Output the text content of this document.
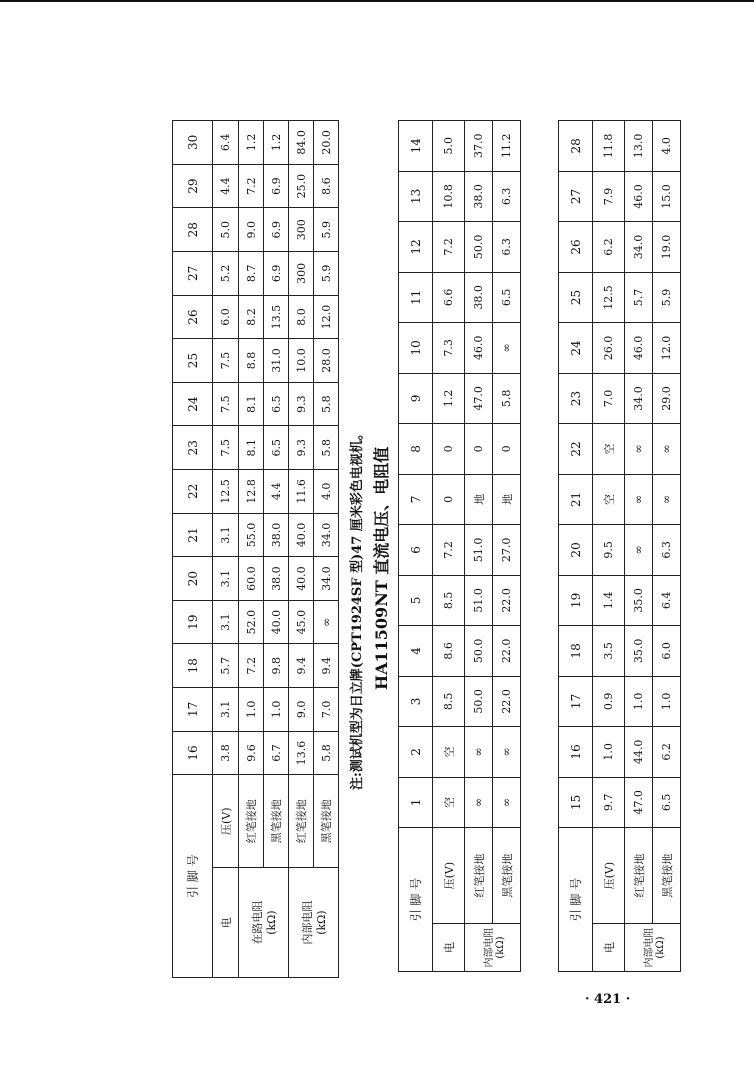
引 脚 号		16	17	18	19	20	21	22	23	24	25	26	27	28	29	30
电	压(V)	3.8	3.1	5.7	3.1	3.1	3.1	12.5	7.5	7.5	7.5	6.0	5.2	5.0	4.4	6.4
在路电阻
(kΩ)	红笔接地	9.6	1.0	7.2	52.0	60.0	55.0	12.8	8.1	8.1	8.8	8.2	8.7	9.0	7.2	1.2
	黑笔接地	6.7	1.0	9.8	40.0	38.0	38.0	4.4	6.5	6.5	31.0	13.5	6.9	6.9	6.9	1.2
内部电阻
(kΩ)	红笔接地	13.6	9.0	9.4	45.0	40.0	40.0	11.6	9.3	9.3	10.0	8.0	300	300	25.0	84.0
	黑笔接地	5.8	7.0	9.4	∞	34.0	34.0	4.0	5.8	5.8	28.0	12.0	5.9	5.9	8.6	20.0
注:测试机型为日立牌(CPT1924SF 型)47 厘米彩色电视机。 HA11509NT 直流电压、电阻值
引 脚 号		1	2	3	4	5	6	7	8	9	10	11	12	13	14
电	压(V)	空	空	8.5	8.6	8.5	7.2	0	0	1.2	7.3	6.6	7.2	10.8	5.0
内部电阻
(kΩ)	红笔接地	∞	∞	50.0	50.0	51.0	51.0	地	0	47.0	46.0	38.0	50.0	38.0	37.0
	黑笔接地	∞	∞	22.0	22.0	22.0	27.0	地	0	5.8	∞	6.5	6.3	6.3	11.2
引 脚 号		15	16	17	18	19	20	21	22	23	24	25	26	27	28
电	压(V)	9.7	1.0	0.9	3.5	1.4	9.5	空	空	7.0	26.0	12.5	6.2	7.9	11.8
内部电阻
(kΩ)	红笔接地	47.0	44.0	1.0	35.0	35.0	∞	∞	∞	34.0	46.0	5.7	34.0	46.0	13.0
	黑笔接地	6.5	6.2	1.0	6.0	6.4	6.3	∞	∞	29.0	12.0	5.9	19.0	15.0	4.0
· 421 ·
